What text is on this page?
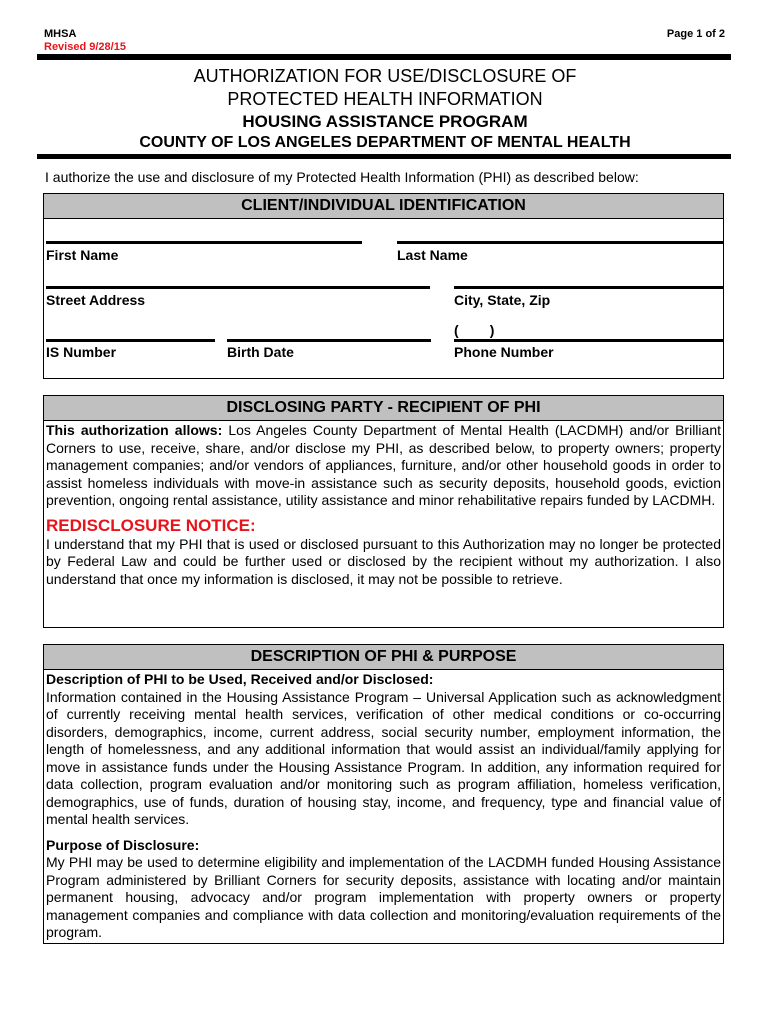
MHSA
Revised 9/28/15
Page 1 of 2
AUTHORIZATION FOR USE/DISCLOSURE OF
PROTECTED HEALTH INFORMATION
HOUSING ASSISTANCE PROGRAM
COUNTY OF LOS ANGELES DEPARTMENT OF MENTAL HEALTH
I authorize the use and disclosure of my Protected Health Information (PHI) as described below:
CLIENT/INDIVIDUAL IDENTIFICATION
First Name	Last Name
Street Address	City, State, Zip
(        )
IS Number	Birth Date	Phone Number
DISCLOSING PARTY - RECIPIENT OF PHI
This authorization allows: Los Angeles County Department of Mental Health (LACDMH) and/or Brilliant Corners to use, receive, share, and/or disclose my PHI, as described below, to property owners; property management companies; and/or vendors of appliances, furniture, and/or other household goods in order to assist homeless individuals with move-in assistance such as security deposits, household goods, eviction prevention, ongoing rental assistance, utility assistance and minor rehabilitative repairs funded by LACDMH.
REDISCLOSURE NOTICE:
I understand that my PHI that is used or disclosed pursuant to this Authorization may no longer be protected by Federal Law and could be further used or disclosed by the recipient without my authorization. I also understand that once my information is disclosed, it may not be possible to retrieve.
DESCRIPTION OF PHI & PURPOSE
Description of PHI to be Used, Received and/or Disclosed:
Information contained in the Housing Assistance Program – Universal Application such as acknowledgment of currently receiving mental health services, verification of other medical conditions or co-occurring disorders, demographics, income, current address, social security number, employment information, the length of homelessness, and any additional information that would assist an individual/family applying for move in assistance funds under the Housing Assistance Program. In addition, any information required for data collection, program evaluation and/or monitoring such as program affiliation, homeless verification, demographics, use of funds, duration of housing stay, income, and frequency, type and financial value of mental health services.
Purpose of Disclosure:
My PHI may be used to determine eligibility and implementation of the LACDMH funded Housing Assistance Program administered by Brilliant Corners for security deposits, assistance with locating and/or maintain permanent housing, advocacy and/or program implementation with property owners or property management companies and compliance with data collection and monitoring/evaluation requirements of the program.
